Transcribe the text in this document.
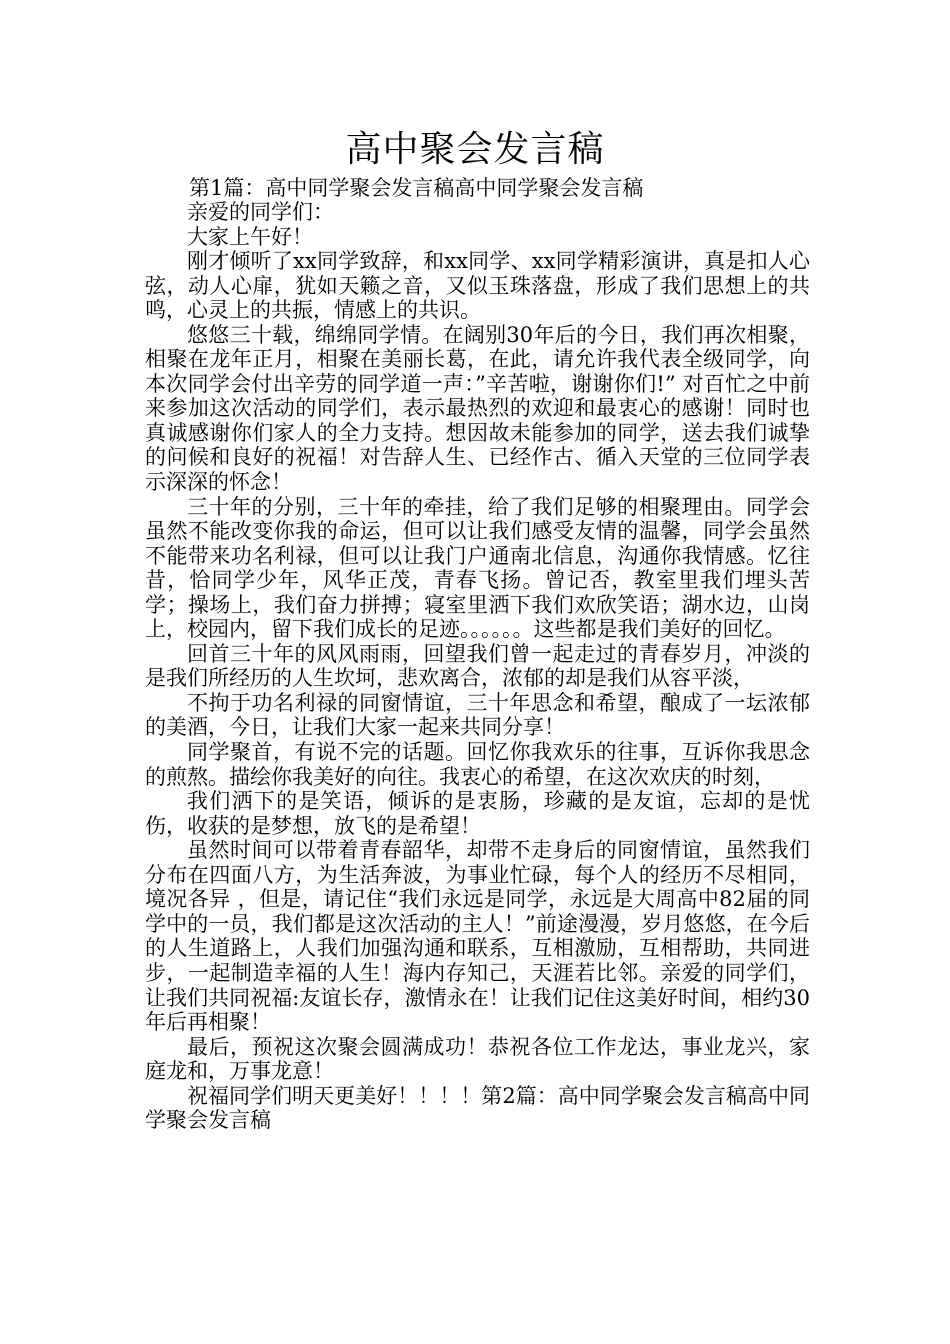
高中聚会发言稿
第1篇：高中同学聚会发言稿高中同学聚会发言稿

亲爱的同学们：

大家上午好！

刚才倾听了xx同学致辞，和xx同学、xx同学精彩演讲，真是扣人心弦，动人心扉，犹如天籁之音，又似玉珠落盘，形成了我们思想上的共鸣，心灵上的共振，情感上的共识。

悠悠三十载，绵绵同学情。在阔别30年后的今日，我们再次相聚，相聚在龙年正月，相聚在美丽长葛，在此，请允许我代表全级同学，向本次同学会付出辛劳的同学道一声：”辛苦啦，谢谢你们!” 对百忙之中前来参加这次活动的同学们，表示最热烈的欢迎和最衷心的感谢！同时也真诚感谢你们家人的全力支持。想因故未能参加的同学，送去我们诚挚的问候和良好的祝福！对告辞人生、已经作古、循入天堂的三位同学表示深深的怀念！

三十年的分别，三十年的牵挂，给了我们足够的相聚理由。同学会虽然不能改变你我的命运，但可以让我们感受友情的温馨，同学会虽然不能带来功名利禄，但可以让我门户通南北信息，沟通你我情感。忆往昔，恰同学少年，风华正茂，青春飞扬。曾记否，教室里我们埋头苦学；操场上，我们奋力拼搏；寝室里洒下我们欢欣笑语；湖水边，山岗上，校园内，留下我们成长的足迹。。。。。。这些都是我们美好的回忆。

回首三十年的风风雨雨，回望我们曾一起走过的青春岁月，冲淡的是我们所经历的人生坎坷，悲欢离合，浓郁的却是我们从容平淡，

不拘于功名利禄的同窗情谊，三十年思念和希望，酿成了一坛浓郁的美酒，今日，让我们大家一起来共同分享！

同学聚首，有说不完的话题。回忆你我欢乐的往事，互诉你我思念的煎熬。描绘你我美好的向往。我衷心的希望，在这次欢庆的时刻，

我们洒下的是笑语，倾诉的是衷肠，珍藏的是友谊，忘却的是忧伤，收获的是梦想，放飞的是希望！

虽然时间可以带着青春韶华，却带不走身后的同窗情谊，虽然我们分布在四面八方，为生活奔波，为事业忙碌，每个人的经历不尽相同，境况各异 ，但是，请记住“我们永远是同学，永远是大周高中82届的同学中的一员，我们都是这次活动的主人！”前途漫漫，岁月悠悠，在今后的人生道路上，人我们加强沟通和联系，互相激励，互相帮助，共同进步，一起制造幸福的人生！海内存知己，天涯若比邻。亲爱的同学们，让我们共同祝福:友谊长存，激情永在！让我们记住这美好时间，相约30年后再相聚！

最后，预祝这次聚会圆满成功！恭祝各位工作龙达，事业龙兴，家庭龙和，万事龙意！

祝福同学们明天更美好！！！！第2篇：高中同学聚会发言稿高中同学聚会发言稿
